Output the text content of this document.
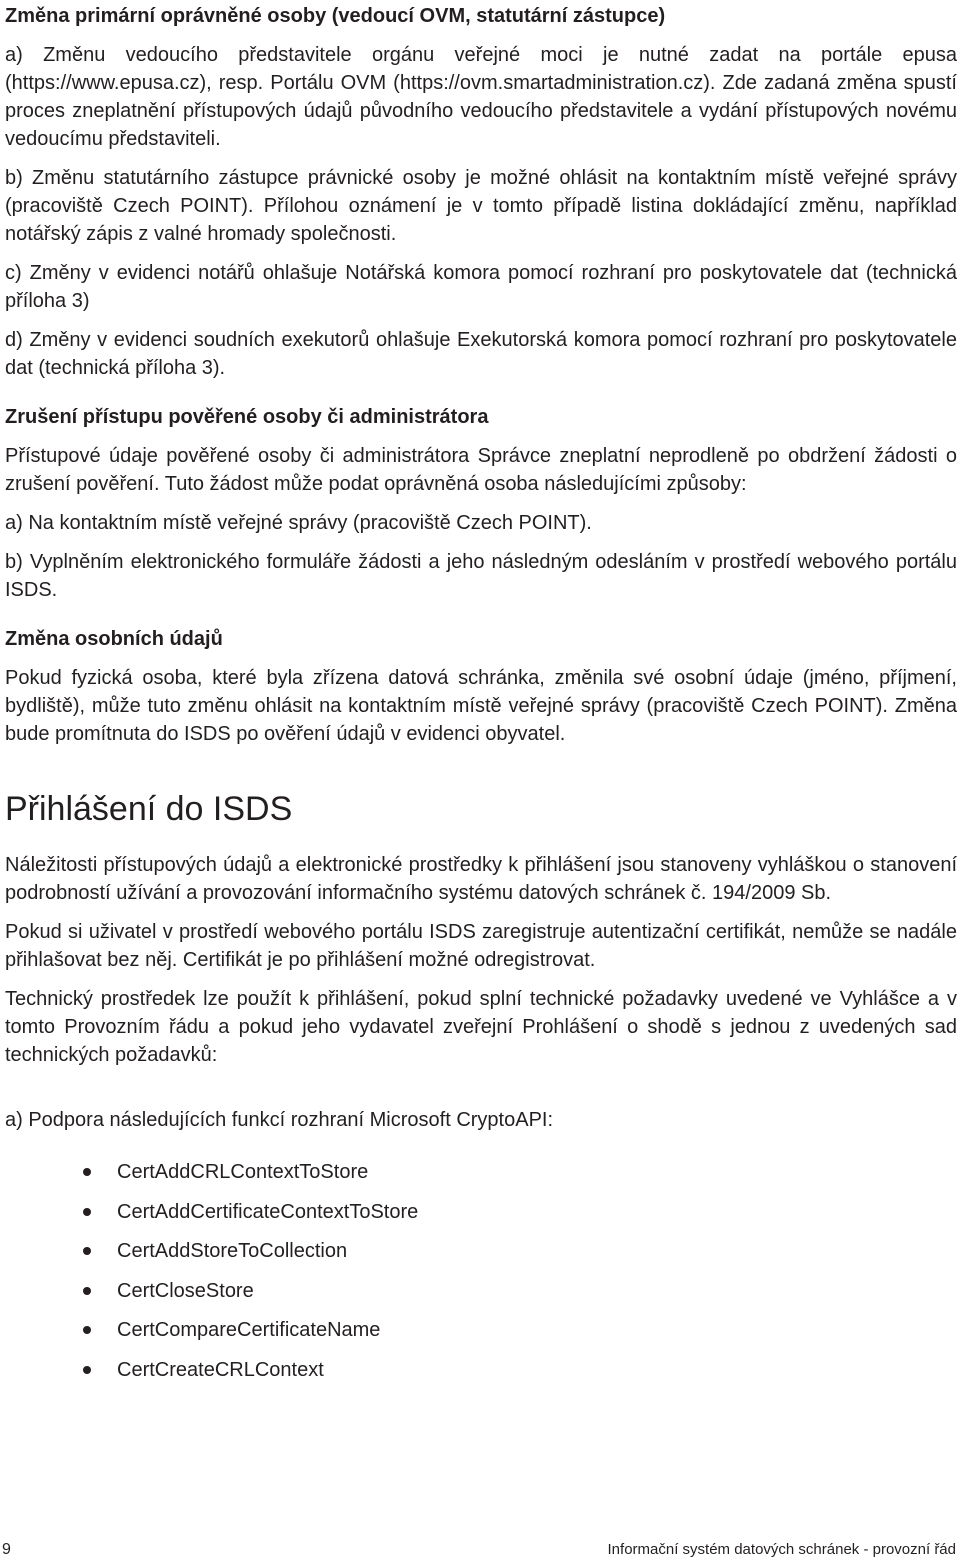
Změna primární oprávněné osoby (vedoucí OVM, statutární zástupce)

a) Změnu vedoucího představitele orgánu veřejné moci je nutné zadat na portále epusa (https://www.epusa.cz), resp. Portálu OVM (https://ovm.smartadministration.cz). Zde zadaná změna spustí proces zneplatnění přístupových údajů původního vedoucího představitele a vydání přístupových novému vedoucímu představiteli.

b) Změnu statutárního zástupce právnické osoby je možné ohlásit na kontaktním místě veřejné správy (pracoviště Czech POINT). Přílohou oznámení je v tomto případě listina dokládající změnu, například notářský zápis z valné hromady společnosti.

c) Změny v evidenci notářů ohlašuje Notářská komora pomocí rozhraní pro poskytovatele dat (technická příloha 3)

d) Změny v evidenci soudních exekutorů ohlašuje Exekutorská komora pomocí rozhraní pro poskytovatele dat (technická příloha 3).

Zrušení přístupu pověřené osoby či administrátora

Přístupové údaje pověřené osoby či administrátora Správce zneplatní neprodleně po obdržení žádosti o zrušení pověření. Tuto žádost může podat oprávněná osoba následujícími způsoby:

a) Na kontaktním místě veřejné správy (pracoviště Czech POINT).

b) Vyplněním elektronického formuláře žádosti a jeho následným odesláním v prostředí webového portálu ISDS.

Změna osobních údajů

Pokud fyzická osoba, které byla zřízena datová schránka, změnila své osobní údaje (jméno, příjmení, bydliště), může tuto změnu ohlásit na kontaktním místě veřejné správy (pracoviště Czech POINT). Změna bude promítnuta do ISDS po ověření údajů v evidenci obyvatel.

Přihlášení do ISDS

Náležitosti přístupových údajů a elektronické prostředky k přihlášení jsou stanoveny vyhláškou o stanovení podrobností užívání a provozování informačního systému datových schránek č. 194/2009 Sb.

Pokud si uživatel v prostředí webového portálu ISDS zaregistruje autentizační certifikát, nemůže se nadále přihlašovat bez něj. Certifikát je po přihlášení možné odregistrovat.

Technický prostředek lze použít k přihlášení, pokud splní technické požadavky uvedené ve Vyhlášce a v tomto Provozním řádu a pokud jeho vydavatel zveřejní Prohlášení o shodě s jednou z uvedených sad technických požadavků:

a) Podpora následujících funkcí rozhraní Microsoft CryptoAPI:

CertAddCRLContextToStore
CertAddCertificateContextToStore
CertAddStoreToCollection
CertCloseStore
CertCompareCertificateName
CertCreateCRLContext
9	Informační systém datových schránek - provozní řád
